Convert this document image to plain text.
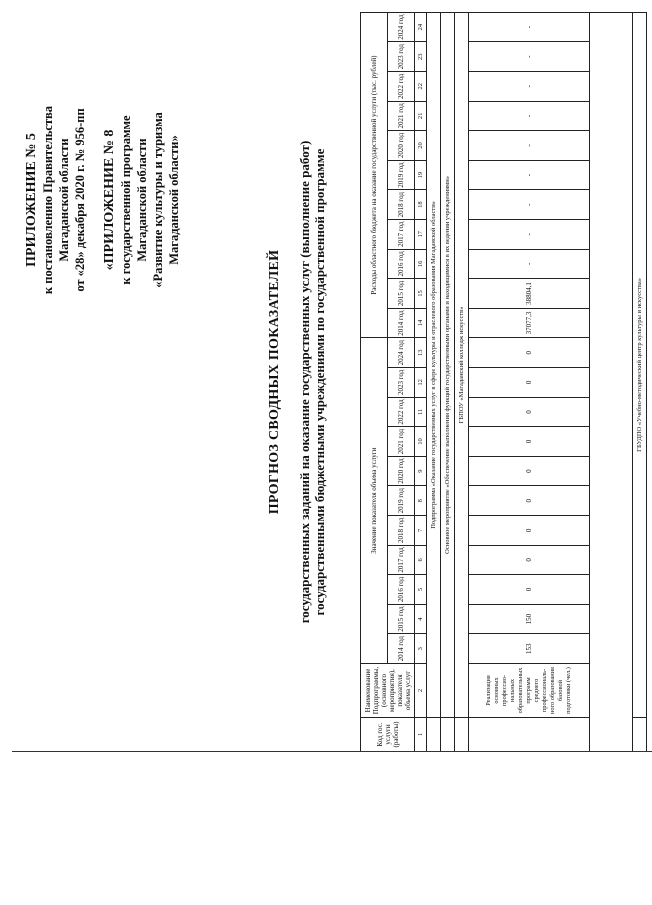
ПРИЛОЖЕНИЕ № 5 к постановлению Правительства Магаданской области от «28» декабря 2020 г. № 956-пп «ПРИЛОЖЕНИЕ № 8 к государственной программе Магаданской области «Развитие культуры и туризма Магаданской области»
ПРОГНОЗ СВОДНЫХ ПОКАЗАТЕЛЕЙ государственных заданий на оказание государственных услуг (выполнение работ) государственными бюджетными учреждениями по государственной программе
Код гос. услуги (работы)	Наименование Подпрограммы, (основного мероприятия), показателя объема услуг	Значение показателя объема услуги											Расходы областного бюджета на оказание государственной услуги (тыс. рублей)										
		2014 год	2015 год	2016 год	2017 год	2018 год	2019 год	2020 год	2021 год	2022 год	2023 год	2024 год	2014 год	2015 год	2016 год	2017 год	2018 год	2019 год	2020 год	2021 год	2022 год	2023 год	2024 год
1	2	3	4	5	6	7	8	9	10	11	12	13	14	15	16	17	18	19	20	21	22	23	24
	Подпрограмма «Оказание государственных услуг в сфере культуры и отраслевого образования Магаданской области»																						
	Основное мероприятие «Обеспечение выполнения функций государственными органами и находящимися в их ведении учреждениями»																						
	ГБПОУ «Магаданский колледж искусств»																						
	Реализация основных профессио-нальных образовательных программ среднего профессиональ-ного образования базовой подготовки (чел.)	153	150	0	0	0	0	0	0	0	0	0	37077,3	38804,1	-	-	-	-	-	-	-	-	-

	ГБУДПО «Учебно-методический центр культуры и искусства»																						
